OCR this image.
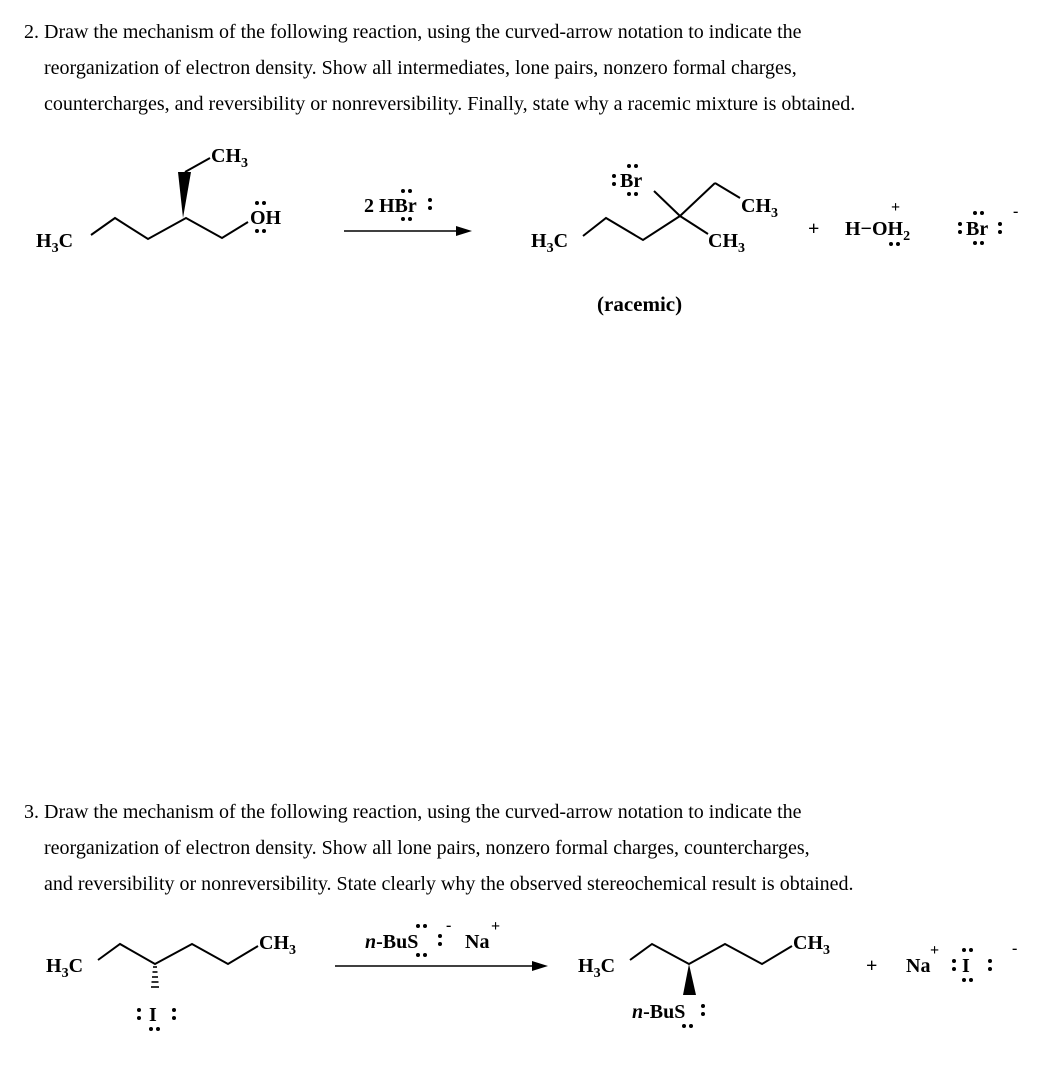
2. Draw the mechanism of the following reaction, using the curved-arrow notation to indicate the
reorganization of electron density. Show all intermediates, lone pairs, nonzero formal charges,
countercharges, and reversibility or nonreversibility. Finally, state why a racemic mixture is obtained.
$CH_3$
$H_3C$
OH
2 HBr
$H_3C$
Br
$CH_3$
$CH_3$
+ $H-OH_2$
+
Br
-
(racemic)
3. Draw the mechanism of the following reaction, using the curved-arrow notation to indicate the
reorganization of electron density. Show all lone pairs, nonzero formal charges, countercharges,
and reversibility or nonreversibility. State clearly why the observed stereochemical result is obtained.
$H_3C$
$CH_3$
I
n-BuS
-
Na
+
$H_3C$
$CH_3$
n-BuS
+ Na
+
I
-
